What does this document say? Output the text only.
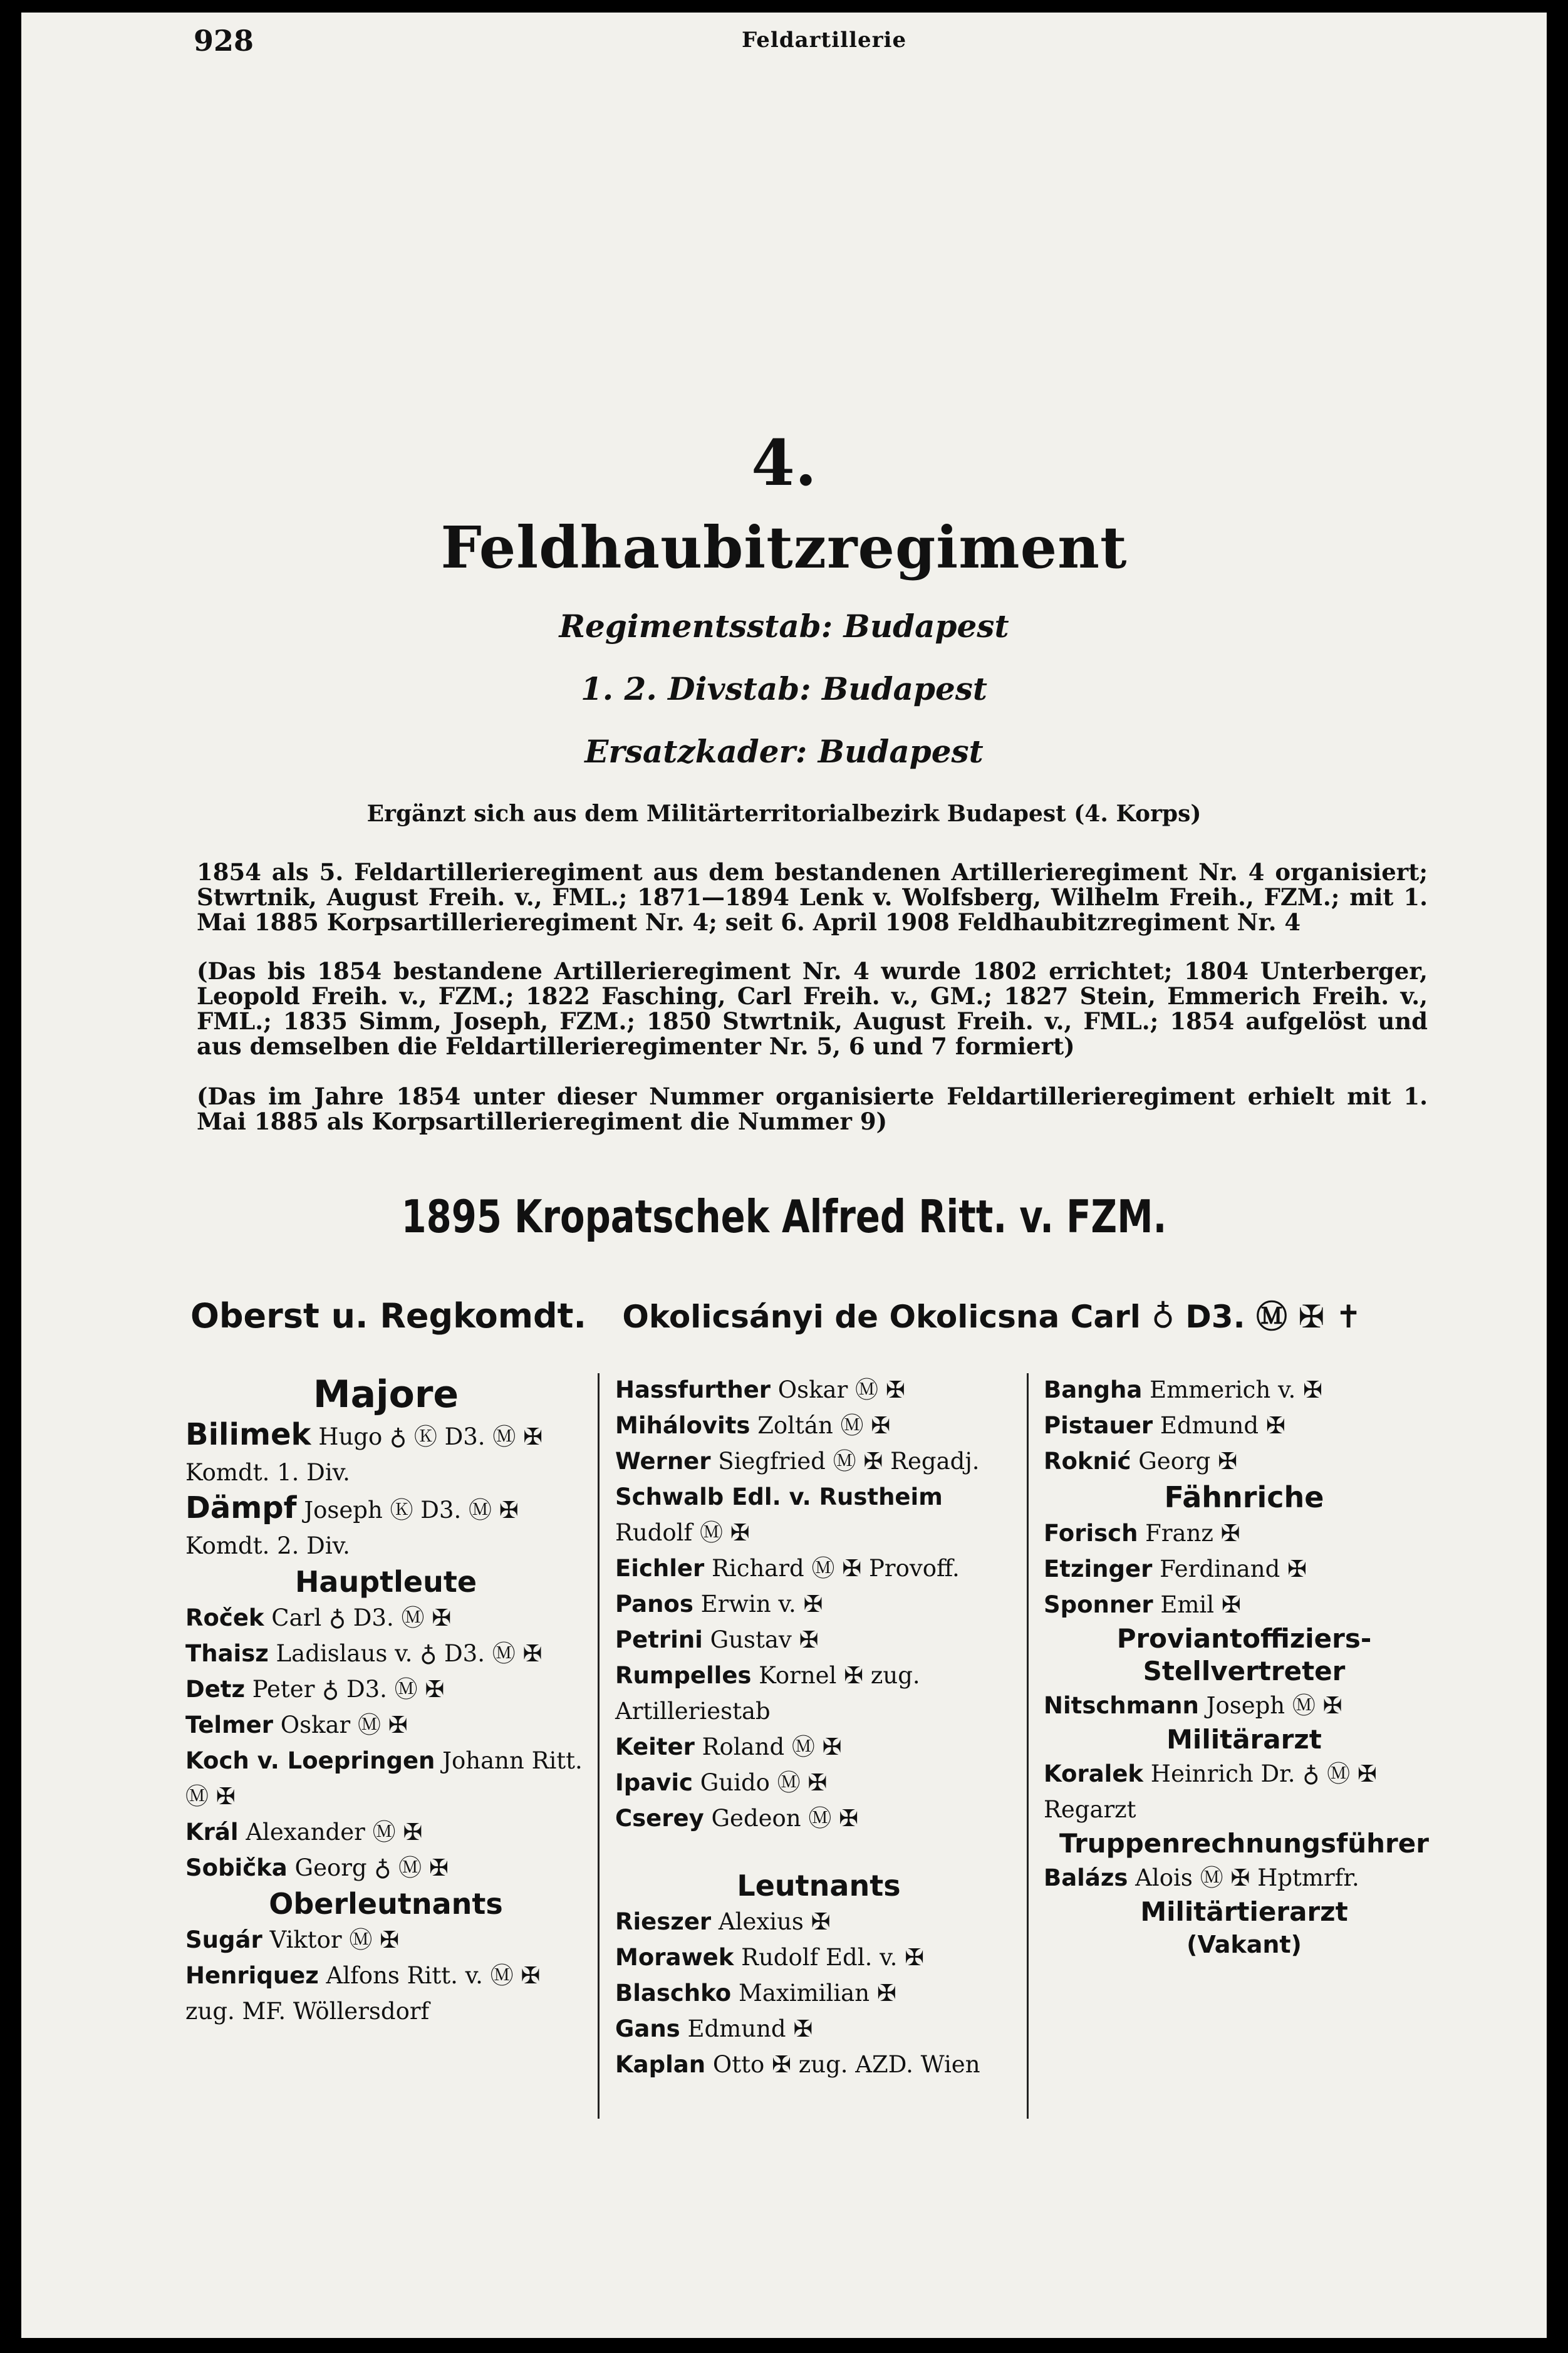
928	Feldartillerie
4.
Feldhaubitzregiment
Regimentsstab: Budapest
1. 2. Divstab: Budapest
Ersatzkader: Budapest
Ergänzt sich aus dem Militärterritorialbezirk Budapest (4. Korps)
1854 als 5. Feldartillerieregiment aus dem bestandenen Artillerieregiment Nr. 4 organisiert; Stwrtnik, August Freih. v., FML.; 1871—1894 Lenk v. Wolfsberg, Wilhelm Freih., FZM.; mit 1. Mai 1885 Korpsartillerieregiment Nr. 4; seit 6. April 1908 Feldhaubitzregiment Nr. 4
(Das bis 1854 bestandene Artillerieregiment Nr. 4 wurde 1802 errichtet; 1804 Unterberger, Leopold Freih. v., FZM.; 1822 Fasching, Carl Freih. v., GM.; 1827 Stein, Emmerich Freih. v., FML.; 1835 Simm, Joseph, FZM.; 1850 Stwrtnik, August Freih. v., FML.; 1854 aufgelöst und aus demselben die Feldartillerieregimenter Nr. 5, 6 und 7 formiert)
(Das im Jahre 1854 unter dieser Nummer organisierte Feldartillerieregiment erhielt mit 1. Mai 1885 als Korpsartillerieregiment die Nummer 9)
1895 Kropatschek Alfred Ritt. v. FZM.
Oberst u. Regkomdt. Okolicsányi de Okolicsna Carl ♁ D3. Ⓜ ✠ ✝
Majore
Bilimek Hugo ♁ Ⓚ D3. Ⓜ ✠ Komdt. 1. Div.
Dämpf Joseph Ⓚ D3. Ⓜ ✠ Komdt. 2. Div.
Hauptleute
Roček Carl ♁ D3. Ⓜ ✠
Thaisz Ladislaus v. ♁ D3. Ⓜ ✠
Detz Peter ♁ D3. Ⓜ ✠
Telmer Oskar Ⓜ ✠
Koch v. Loepringen Johann Ritt. Ⓜ ✠
Král Alexander Ⓜ ✠
Sobička Georg ♁ Ⓜ ✠
Oberleutnants
Sugár Viktor Ⓜ ✠
Henriquez Alfons Ritt. v. Ⓜ ✠ zug. MF. Wöllersdorf
Hassfurther Oskar Ⓜ ✠
Mihálovits Zoltán Ⓜ ✠
Werner Siegfried Ⓜ ✠ Regadj.
Schwalb Edl. v. Rustheim Rudolf Ⓜ ✠
Eichler Richard Ⓜ ✠ Provoff.
Panos Erwin v. ✠
Petrini Gustav ✠
Rumpelles Kornel ✠ zug. Artilleriestab
Keiter Roland Ⓜ ✠
Ipavic Guido Ⓜ ✠
Cserey Gedeon Ⓜ ✠
Leutnants
Rieszer Alexius ✠
Morawek Rudolf Edl. v. ✠
Blaschko Maximilian ✠
Gans Edmund ✠
Kaplan Otto ✠ zug. AZD. Wien
Bangha Emmerich v. ✠
Pistauer Edmund ✠
Roknić Georg ✠
Fähnriche
Forisch Franz ✠
Etzinger Ferdinand ✠
Sponner Emil ✠
Proviantoffiziers-Stellvertreter
Nitschmann Joseph Ⓜ ✠
Militärarzt
Koralek Heinrich Dr. ♁ Ⓜ ✠ Regarzt
Truppenrechnungsführer
Balázs Alois Ⓜ ✠ Hptmrfr.
Militärtierarzt
(Vakant)
